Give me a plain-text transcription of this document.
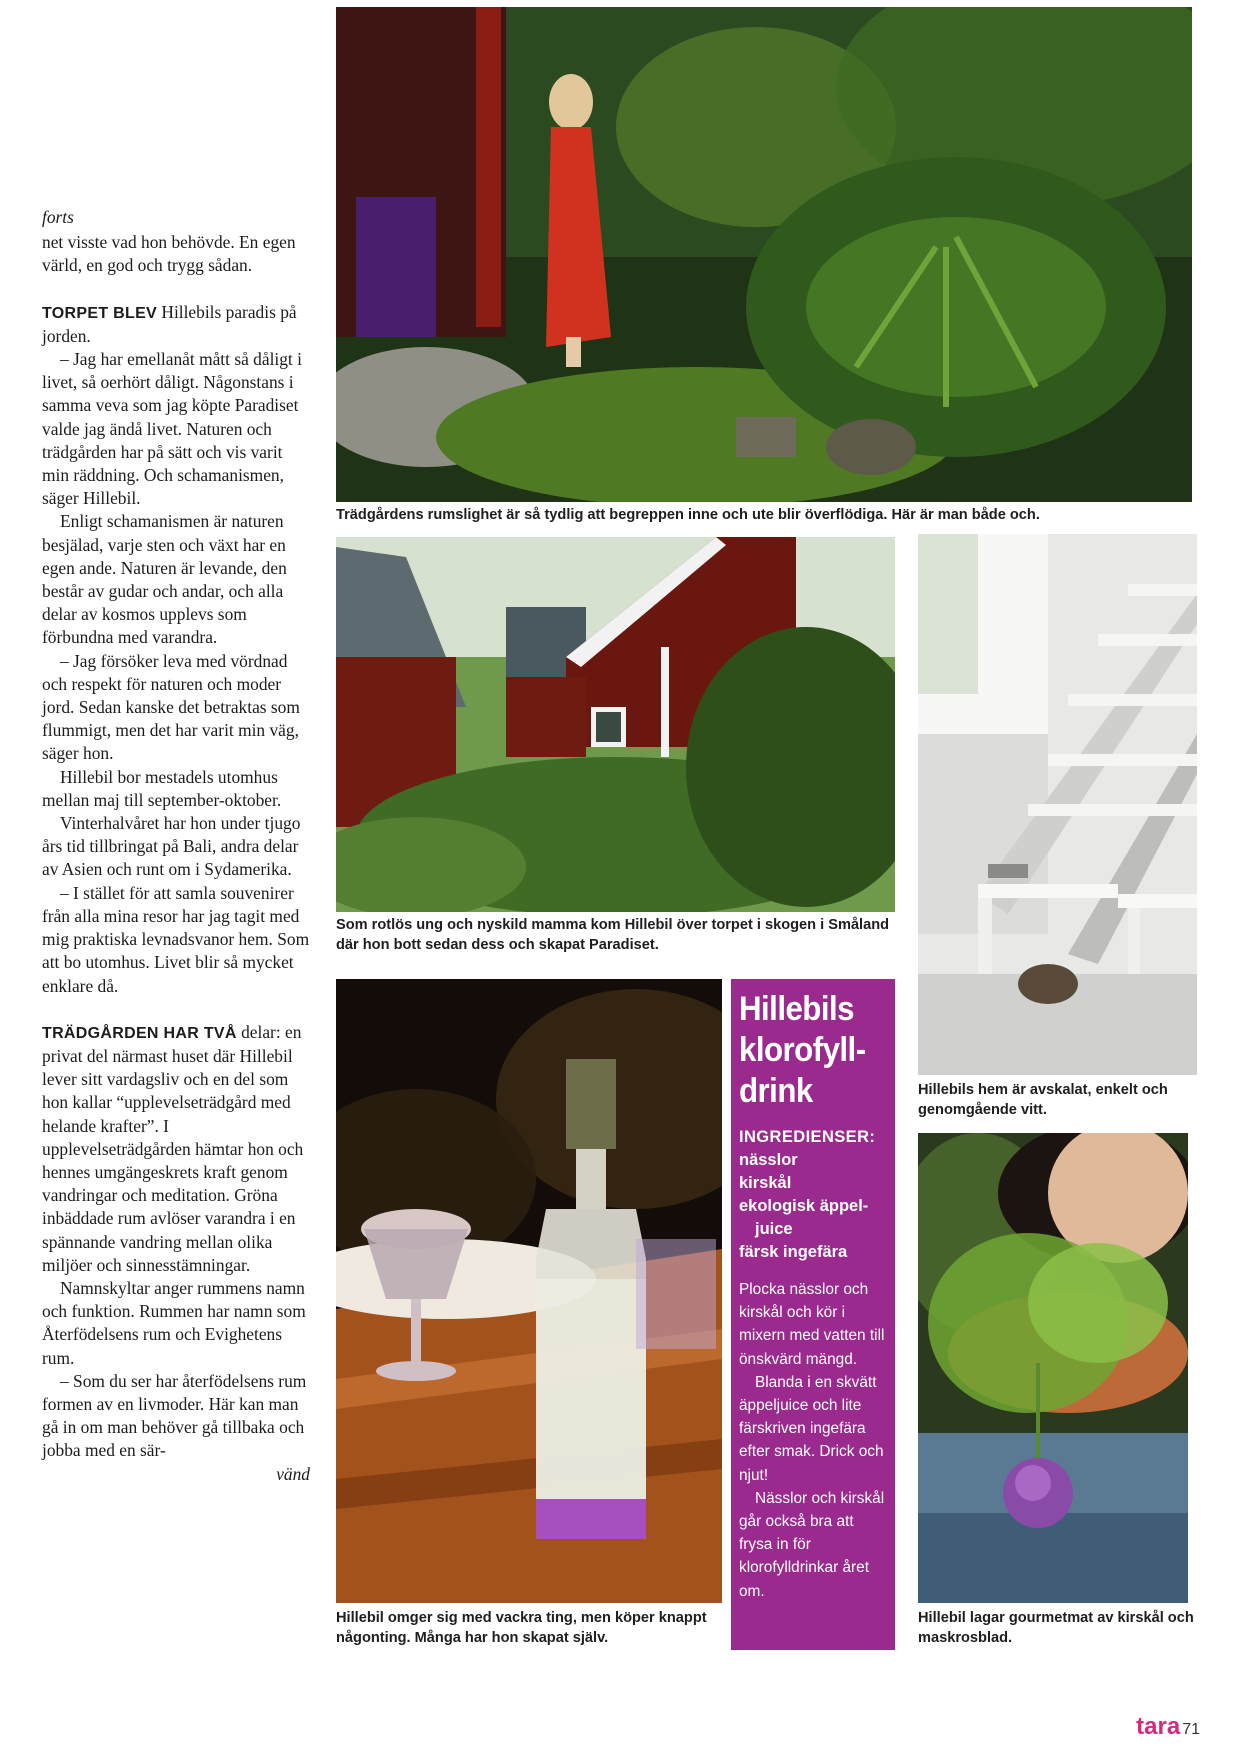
forts

net visste vad hon behövde. En egen värld, en god och trygg sådan.

TORPET BLEV Hillebils paradis på jorden.

– Jag har emellanåt mått så dåligt i livet, så oerhört dåligt. Någonstans i samma veva som jag köpte Paradiset valde jag ändå livet. Naturen och trädgården har på sätt och vis varit min räddning. Och schamanismen, säger Hillebil.

Enligt schamanismen är naturen besjälad, varje sten och växt har en egen ande. Naturen är levande, den består av gudar och andar, och alla delar av kosmos upplevs som förbundna med varandra.

– Jag försöker leva med vördnad och respekt för naturen och moder jord. Sedan kanske det betraktas som flummigt, men det har varit min väg, säger hon.

Hillebil bor mestadels utomhus mellan maj till september-oktober.

Vinterhalvåret har hon under tjugo års tid tillbringat på Bali, andra delar av Asien och runt om i Sydamerika.

– I stället för att samla souvenirer från alla mina resor har jag tagit med mig praktiska levnadsvanor hem. Som att bo utomhus. Livet blir så mycket enklare då.

TRÄDGÅRDEN HAR TVÅ delar: en privat del närmast huset där Hillebil lever sitt vardagsliv och en del som hon kallar “upplevelseträdgård med helande krafter”. I upplevelseträdgården hämtar hon och hennes umgängeskrets kraft genom vandringar och meditation. Gröna inbäddade rum avlöser varandra i en spännande vandring mellan olika miljöer och sinnesstämningar.

Namnskyltar anger rummens namn och funktion. Rummen har namn som Återfödelsens rum och Evighetens rum.

– Som du ser har återfödelsens rum formen av en livmoder. Här kan man gå in om man behöver gå tillbaka och jobba med en sär-

vänd

Trädgårdens rumslighet är så tydlig att begreppen inne och ute blir överflödiga. Här är man både och.
Som rotlös ung och nyskild mamma kom Hillebil över torpet i skogen i Småland där hon bott sedan dess och skapat Paradiset.
Hillebils hem är avskalat, enkelt och genomgående vitt.
Hillebil omger sig med vackra ting, men köper knappt någonting. Många har hon skapat själv.
Hillebils
klorofyll-
drink
INGREDIENSER:
nässlor
kirskål
ekologisk äppel-
juice
färsk ingefära

Plocka nässlor och kirskål och kör i mixern med vatten till önskvärd mängd.

Blanda i en skvätt äppeljuice och lite färskriven ingefära efter smak. Drick och njut!

Nässlor och kirskål går också bra att frysa in för klorofylldrinkar året om.

Hillebil lagar gourmetmat av kirskål och maskrosblad.
tara 71
